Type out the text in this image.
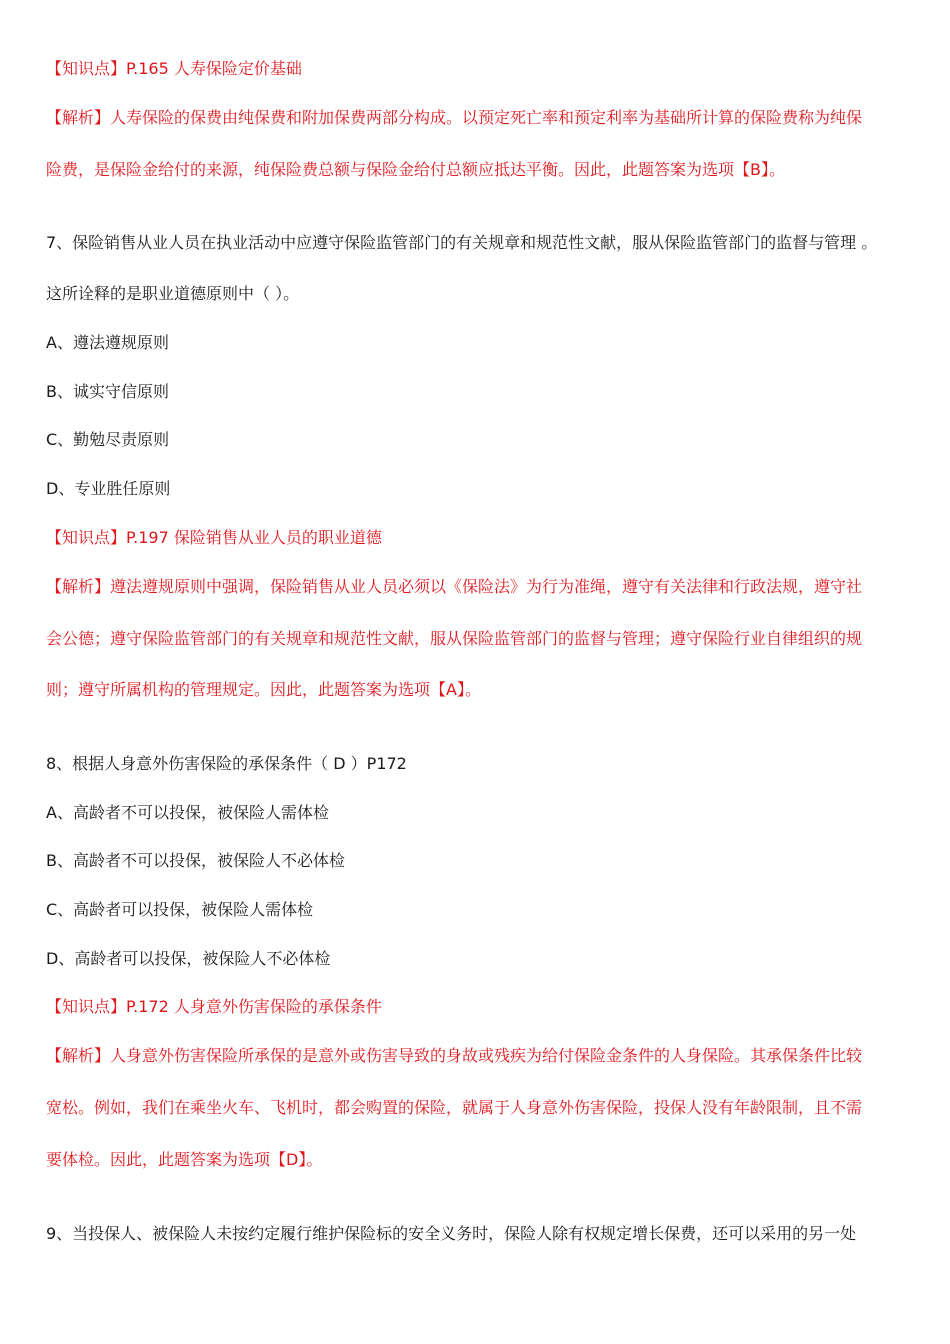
【知识点】P.165 人寿保险定价基础
【解析】人寿保险的保费由纯保费和附加保费两部分构成。以预定死亡率和预定利率为基础所计算的保险费称为纯保
险费，是保险金给付的来源，纯保险费总额与保险金给付总额应抵达平衡。因此，此题答案为选项【B】。
7、保险销售从业人员在执业活动中应遵守保险监管部门的有关规章和规范性文献，服从保险监管部门的监督与管理 。
这所诠释的是职业道德原则中（ ）。
A、遵法遵规原则
B、诚实守信原则
C、勤勉尽责原则
D、专业胜任原则
【知识点】P.197 保险销售从业人员的职业道德
【解析】遵法遵规原则中强调，保险销售从业人员必须以《保险法》为行为准绳，遵守有关法律和行政法规，遵守社
会公德；遵守保险监管部门的有关规章和规范性文献，服从保险监管部门的监督与管理；遵守保险行业自律组织的规
则；遵守所属机构的管理规定。因此，此题答案为选项【A】。
8、根据人身意外伤害保险的承保条件（ D ）P172
A、高龄者不可以投保，被保险人需体检
B、高龄者不可以投保，被保险人不必体检
C、高龄者可以投保，被保险人需体检
D、高龄者可以投保，被保险人不必体检
【知识点】P.172 人身意外伤害保险的承保条件
【解析】人身意外伤害保险所承保的是意外或伤害导致的身故或残疾为给付保险金条件的人身保险。其承保条件比较
宽松。例如，我们在乘坐火车、飞机时，都会购置的保险，就属于人身意外伤害保险，投保人没有年龄限制，且不需
要体检。因此，此题答案为选项【D】。
9、当投保人、被保险人未按约定履行维护保险标的安全义务时，保险人除有权规定增长保费，还可以采用的另一处
